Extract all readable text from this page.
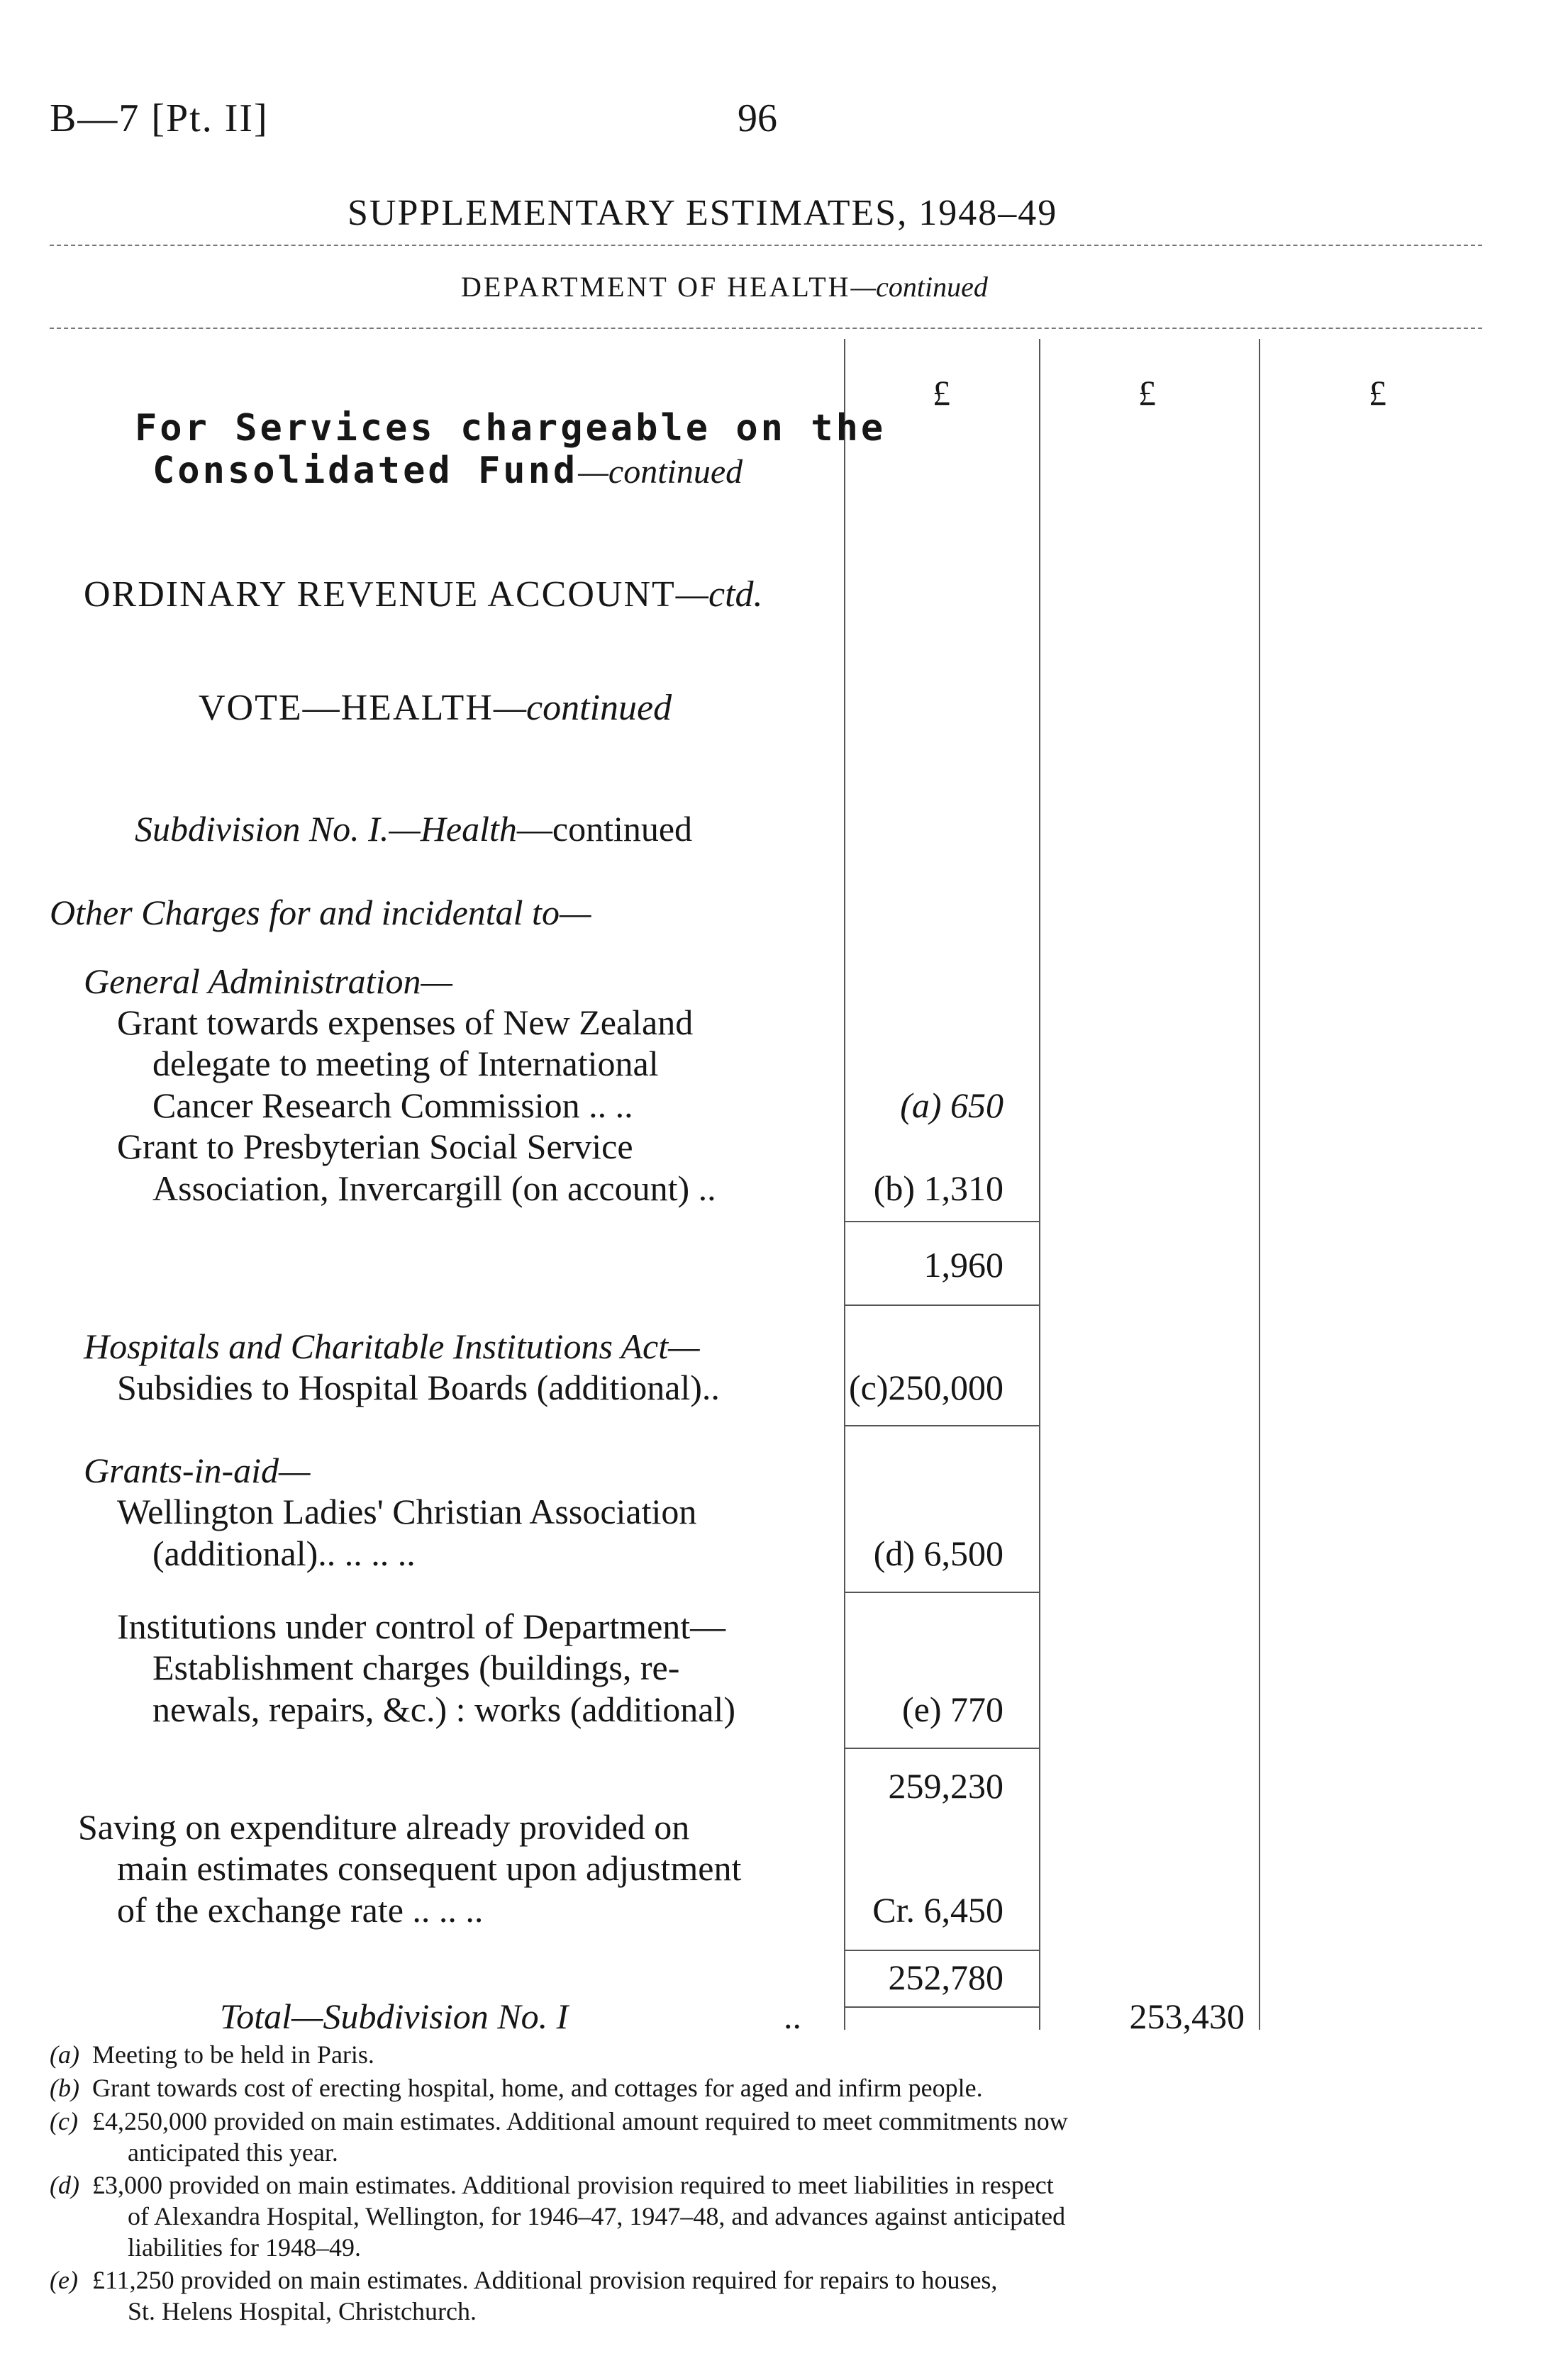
B—7 [Pt. II]	96
SUPPLEMENTARY ESTIMATES, 1948–49
DEPARTMENT OF HEALTH—continued
£	£	£
For Services chargeable on the
Consolidated Fund—continued
ORDINARY REVENUE ACCOUNT—ctd.
VOTE—HEALTH—continued
Subdivision No. I.—Health—continued
Other Charges for and incidental to—
General Administration—
Grant towards expenses of New Zealand
delegate to meeting of International
Cancer Research Commission .. ..	(a) 650
Grant to Presbyterian Social Service
Association, Invercargill (on account) ..	(b) 1,310
1,960
Hospitals and Charitable Institutions Act—
Subsidies to Hospital Boards (additional)..	(c)250,000
Grants-in-aid—
Wellington Ladies' Christian Association
(additional).. .. .. ..	(d) 6,500
Institutions under control of Department—
Establishment charges (buildings, re-
newals, repairs, &c.) : works (additional)	(e) 770
259,230
Saving on expenditure already provided on
main estimates consequent upon adjustment
of the exchange rate .. .. ..	Cr. 6,450
252,780
Total—Subdivision No. I	..	253,430
(a) Meeting to be held in Paris.
(b) Grant towards cost of erecting hospital, home, and cottages for aged and infirm people.
(c) £4,250,000 provided on main estimates. Additional amount required to meet commitments now
anticipated this year.
(d) £3,000 provided on main estimates. Additional provision required to meet liabilities in respect
of Alexandra Hospital, Wellington, for 1946–47, 1947–48, and advances against anticipated
liabilities for 1948–49.
(e) £11,250 provided on main estimates. Additional provision required for repairs to houses,
St. Helens Hospital, Christchurch.
